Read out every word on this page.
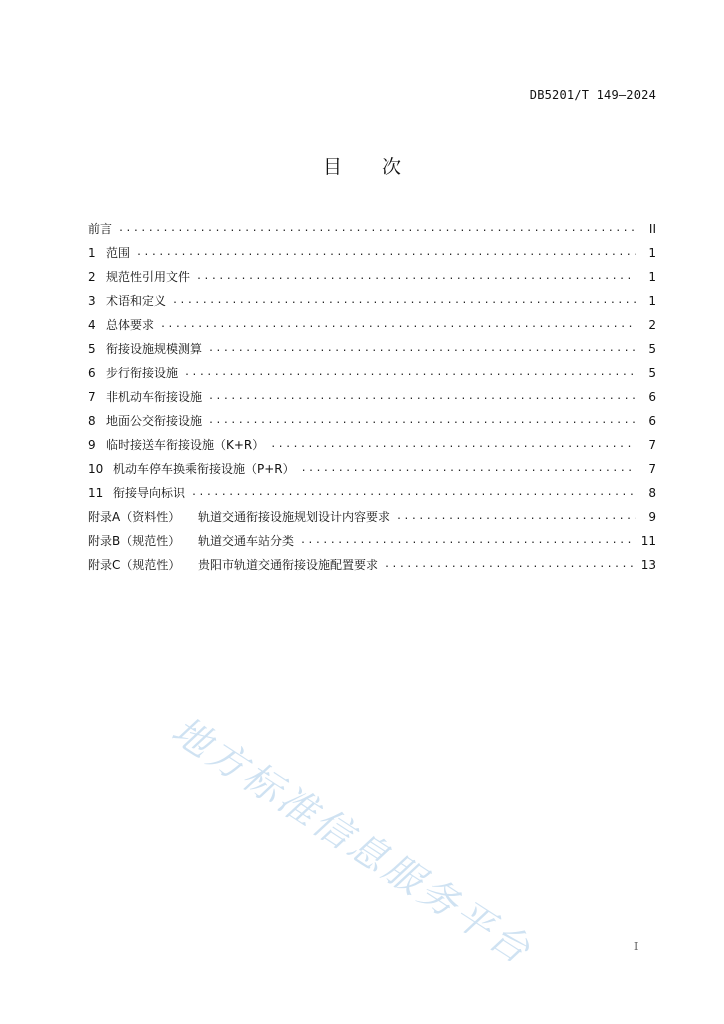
DB5201/T 149—2024
目 次
前言 .....	II
1 范围 .....	1
2 规范性引用文件 .....	1
3 术语和定义 .....	1
4 总体要求 .....	2
5 衔接设施规模测算 .....	5
6 步行衔接设施 .....	5
7 非机动车衔接设施 .....	6
8 地面公交衔接设施 .....	6
9 临时接送车衔接设施（K+R） .....	7
10 机动车停车换乘衔接设施（P+R） .....	7
11 衔接导向标识 .....	8
附录A（资料性）	轨道交通衔接设施规划设计内容要求 .....	9
附录B（规范性）	轨道交通车站分类 .....	11
附录C（规范性）	贵阳市轨道交通衔接设施配置要求 .....	13
地方标准信息服务平台	I
